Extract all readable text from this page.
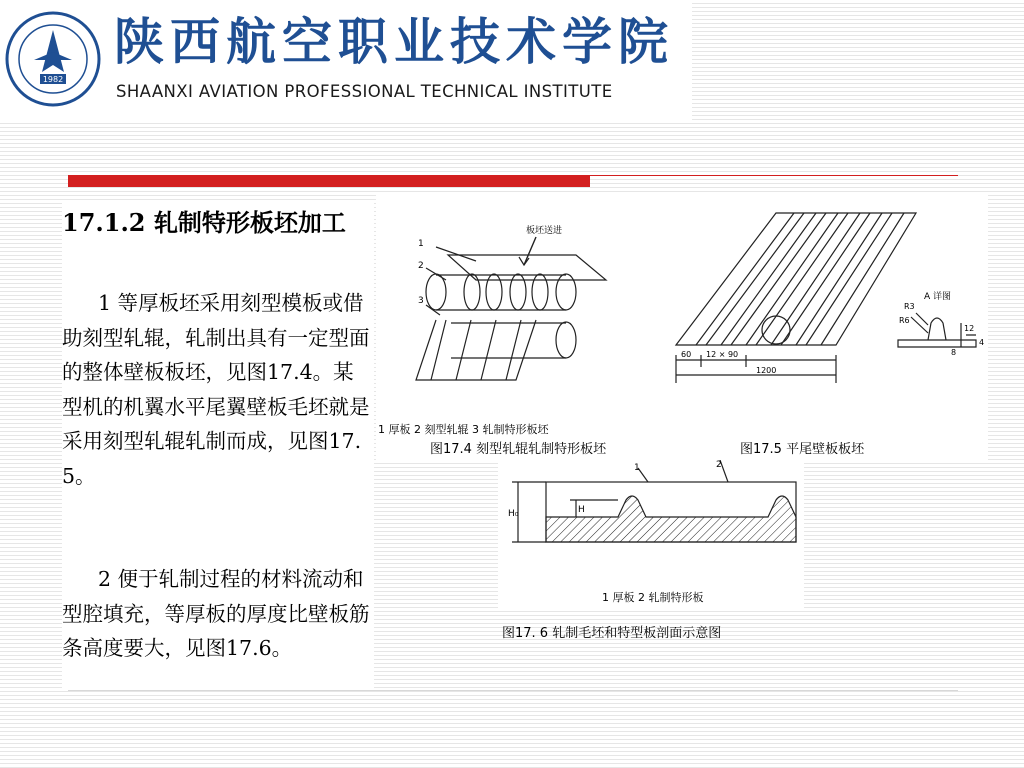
1982
陕西航空职业技术学院
SHAANXI AVIATION PROFESSIONAL TECHNICAL INSTITUTE
17.1.2 轧制特形板坯加工
1 等厚板坯采用刻型模板或借助刻型轧辊，轧制出具有一定型面的整体壁板板坯，见图17.4。某型机的机翼水平尾翼壁板毛坯就是采用刻型轧辊轧制而成，见图17.5。
2 便于轧制过程的材料流动和型腔填充，等厚板的厚度比壁板筋条高度要大，见图17.6。
1
2
3
板坯送进
60 12 × 90
1200
A 详图
R3
R6
12
8
4
1 厚板 2 刻型轧辊 3 轧制特形板坯
图17.4 刻型轧辊轧制特形板坯	图17.5 平尾壁板板坯
H₀	H
1	2
1 厚板 2 轧制特形板
图17. 6 轧制毛坯和特型板剖面示意图
